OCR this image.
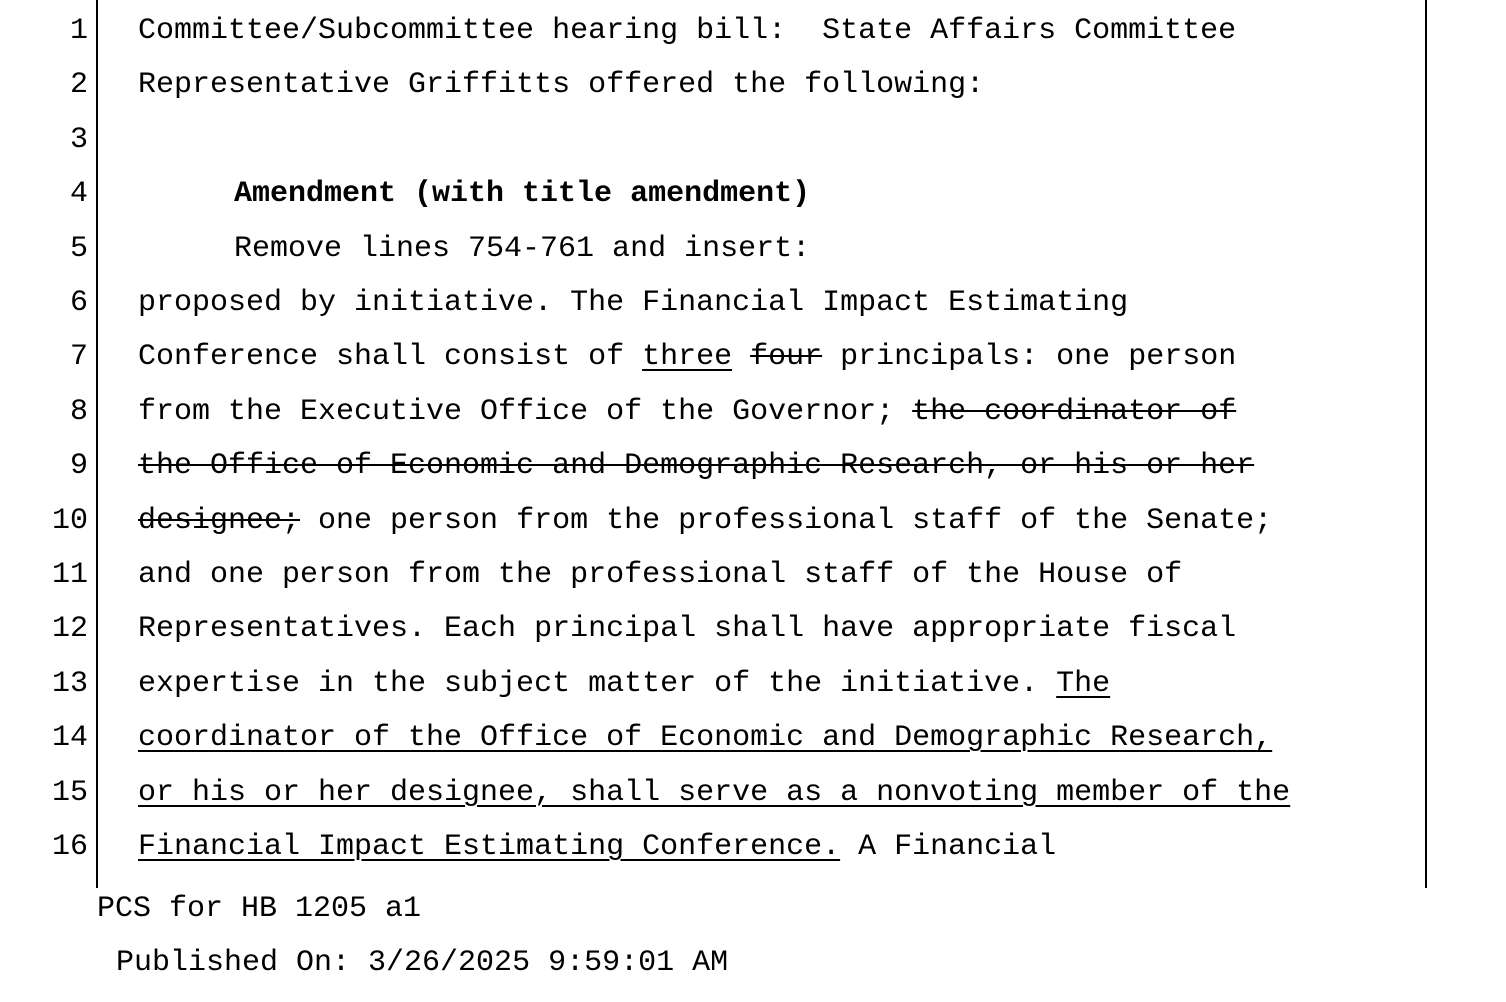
1 Committee/Subcommittee hearing bill:  State Affairs Committee
2 Representative Griffitts offered the following:
3
4	Amendment (with title amendment)
5	Remove lines 754-761 and insert:
6 proposed by initiative. The Financial Impact Estimating
7 Conference shall consist of three four principals: one person
8 from the Executive Office of the Governor; the coordinator of
9 the Office of Economic and Demographic Research, or his or her
10 designee; one person from the professional staff of the Senate;
11 and one person from the professional staff of the House of
12 Representatives. Each principal shall have appropriate fiscal
13 expertise in the subject matter of the initiative. The
14 coordinator of the Office of Economic and Demographic Research,
15 or his or her designee, shall serve as a nonvoting member of the
16 Financial Impact Estimating Conference. A Financial
PCS for HB 1205 a1
Published On: 3/26/2025 9:59:01 AM
